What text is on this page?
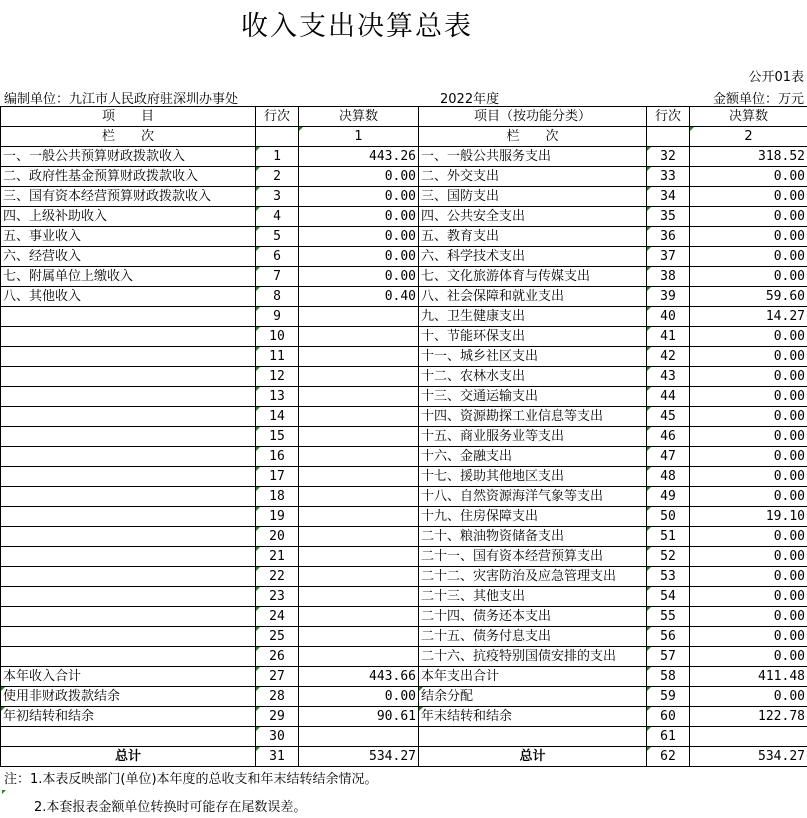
收入支出决算总表
公开01表
编制单位：九江市人民政府驻深圳办事处	2022年度	金额单位：万元
项　　目	行次	决算数	项目（按功能分类）	行次	决算数
栏　　次		1	栏　　次		2
一、一般公共预算财政拨款收入	1	443.26	一、一般公共服务支出	32	318.52
二、政府性基金预算财政拨款收入	2	0.00	二、外交支出	33	0.00
三、国有资本经营预算财政拨款收入	3	0.00	三、国防支出	34	0.00
四、上级补助收入	4	0.00	四、公共安全支出	35	0.00
五、事业收入	5	0.00	五、教育支出	36	0.00
六、经营收入	6	0.00	六、科学技术支出	37	0.00
七、附属单位上缴收入	7	0.00	七、文化旅游体育与传媒支出	38	0.00
八、其他收入	8	0.40	八、社会保障和就业支出	39	59.60
	9		九、卫生健康支出	40	14.27
	10		十、节能环保支出	41	0.00
	11		十一、城乡社区支出	42	0.00
	12		十二、农林水支出	43	0.00
	13		十三、交通运输支出	44	0.00
	14		十四、资源勘探工业信息等支出	45	0.00
	15		十五、商业服务业等支出	46	0.00
	16		十六、金融支出	47	0.00
	17		十七、援助其他地区支出	48	0.00
	18		十八、自然资源海洋气象等支出	49	0.00
	19		十九、住房保障支出	50	19.10
	20		二十、粮油物资储备支出	51	0.00
	21		二十一、国有资本经营预算支出	52	0.00
	22		二十二、灾害防治及应急管理支出	53	0.00
	23		二十三、其他支出	54	0.00
	24		二十四、债务还本支出	55	0.00
	25		二十五、债务付息支出	56	0.00
	26		二十六、抗疫特别国债安排的支出	57	0.00
本年收入合计	27	443.66	本年支出合计	58	411.48
使用非财政拨款结余	28	0.00	结余分配	59	0.00
年初结转和结余	29	90.61	年末结转和结余	60	122.78
	30			61	
总计	31	534.27	总计	62	534.27
注：1.本表反映部门(单位)本年度的总收支和年末结转结余情况。
2.本套报表金额单位转换时可能存在尾数误差。
